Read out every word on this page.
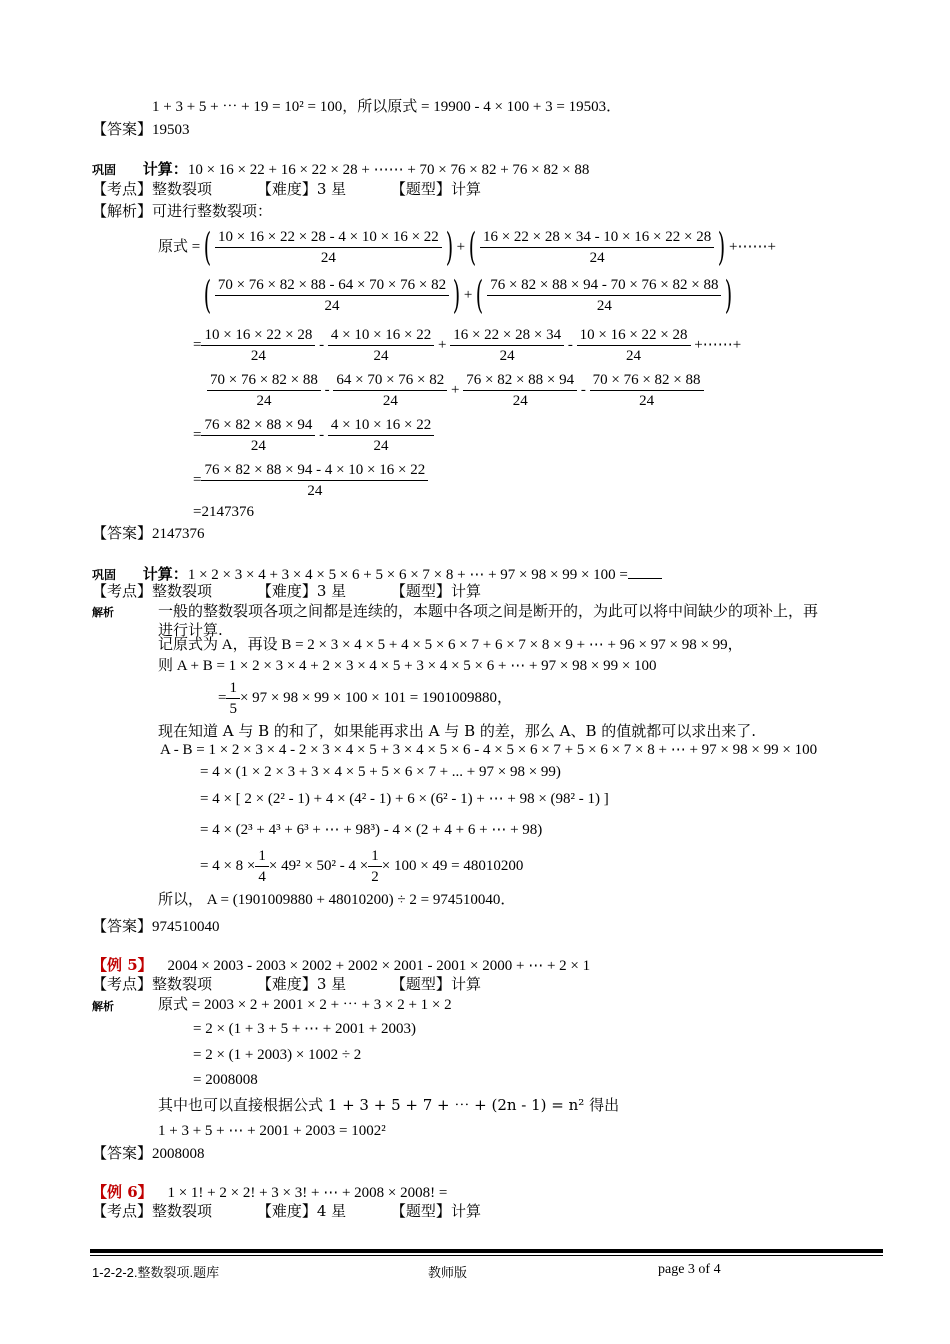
1 + 3 + 5 + ⋯ + 19 = 10² = 100，所以原式 = 19900 - 4 × 100 + 3 = 19503．
【答案】19503
巩固 计算：10 × 16 × 22 + 16 × 22 × 28 + ⋯⋯ + 70 × 76 × 82 + 76 × 82 × 88
【考点】整数裂项	【难度】3 星	【题型】计算
【解析】可进行整数裂项：
原式 =( $\frac{10 \times 16 \times 22 \times 28 - 4 \times 10 \times 16 \times 22}{24}$ ) +( $\frac{16 \times 22 \times 28 \times 34 - 10 \times 16 \times 22 \times 28}{24}$ ) +⋯⋯+
( $\frac{70 \times 76 \times 82 \times 88 - 64 \times 70 \times 76 \times 82}{24}$ ) +( $\frac{76 \times 82 \times 88 \times 94 - 70 \times 76 \times 82 \times 88}{24}$ )
= $\frac{10 \times 16 \times 22 \times 28}{24} - \frac{4 \times 10 \times 16 \times 22}{24} + \frac{16 \times 22 \times 28 \times 34}{24} - \frac{10 \times 16 \times 22 \times 28}{24}$ +⋯⋯+
$\frac{70 \times 76 \times 82 \times 88}{24} - \frac{64 \times 70 \times 76 \times 82}{24} + \frac{76 \times 82 \times 88 \times 94}{24} - \frac{70 \times 76 \times 82 \times 88}{24}$
= $\frac{76 \times 82 \times 88 \times 94}{24} - \frac{4 \times 10 \times 16 \times 22}{24}$
= $\frac{76 \times 82 \times 88 \times 94 - 4 \times 10 \times 16 \times 22}{24}$
=2147376
【答案】2147376
巩固 计算：1 × 2 × 3 × 4 + 3 × 4 × 5 × 6 + 5 × 6 × 7 × 8 + ⋯ + 97 × 98 × 99 × 100 =
【考点】整数裂项	【难度】3 星	【题型】计算
解析	一般的整数裂项各项之间都是连续的，本题中各项之间是断开的，为此可以将中间缺少的项补上，再
进行计算.
记原式为 A，再设 B = 2 × 3 × 4 × 5 + 4 × 5 × 6 × 7 + 6 × 7 × 8 × 9 + ⋯ + 96 × 97 × 98 × 99，
则 A + B = 1 × 2 × 3 × 4 + 2 × 3 × 4 × 5 + 3 × 4 × 5 × 6 + ⋯ + 97 × 98 × 99 × 100
= $\frac{1}{5} \times 97 \times 98 \times 99 \times 100 \times 101 = 1901009880$，
现在知道 A 与 B 的和了，如果能再求出 A 与 B 的差，那么 A、B 的值就都可以求出来了.
A - B = 1 × 2 × 3 × 4 - 2 × 3 × 4 × 5 + 3 × 4 × 5 × 6 - 4 × 5 × 6 × 7 + 5 × 6 × 7 × 8 + ⋯ + 97 × 98 × 99 × 100
= 4 × (1 × 2 × 3 + 3 × 4 × 5 + 5 × 6 × 7 + ... + 97 × 98 × 99)
= 4 × [ 2 × (2² - 1) + 4 × (4² - 1) + 6 × (6² - 1) + ⋯ + 98 × (98² - 1) ]
= 4 × (2³ + 4³ + 6³ + ⋯ + 98³) - 4 × (2 + 4 + 6 + ⋯ + 98)
= $4 \times 8 \times \frac{1}{4} \times 49^2 \times 50^2 - 4 \times \frac{1}{2} \times 100 \times 49 = 48010200$
所以， A = (1901009880 + 48010200) ÷ 2 = 974510040．
【答案】974510040
【例 5】 2004 × 2003 - 2003 × 2002 + 2002 × 2001 - 2001 × 2000 + ⋯ + 2 × 1
【考点】整数裂项	【难度】3 星	【题型】计算
解析	原式 = 2003 × 2 + 2001 × 2 + ⋯ + 3 × 2 + 1 × 2
= 2 × (1 + 3 + 5 + ⋯ + 2001 + 2003)
= 2 × (1 + 2003) × 1002 ÷ 2
= 2008008
其中也可以直接根据公式 1 + 3 + 5 + 7 + ⋯ + (2n - 1) = n² 得出
1 + 3 + 5 + ⋯ + 2001 + 2003 = 1002²
【答案】2008008
【例 6】 1 × 1! + 2 × 2! + 3 × 3! + ⋯ + 2008 × 2008! =
【考点】整数裂项	【难度】4 星	【题型】计算
1-2-2-2.整数裂项.题库	教师版	page 3 of 4
